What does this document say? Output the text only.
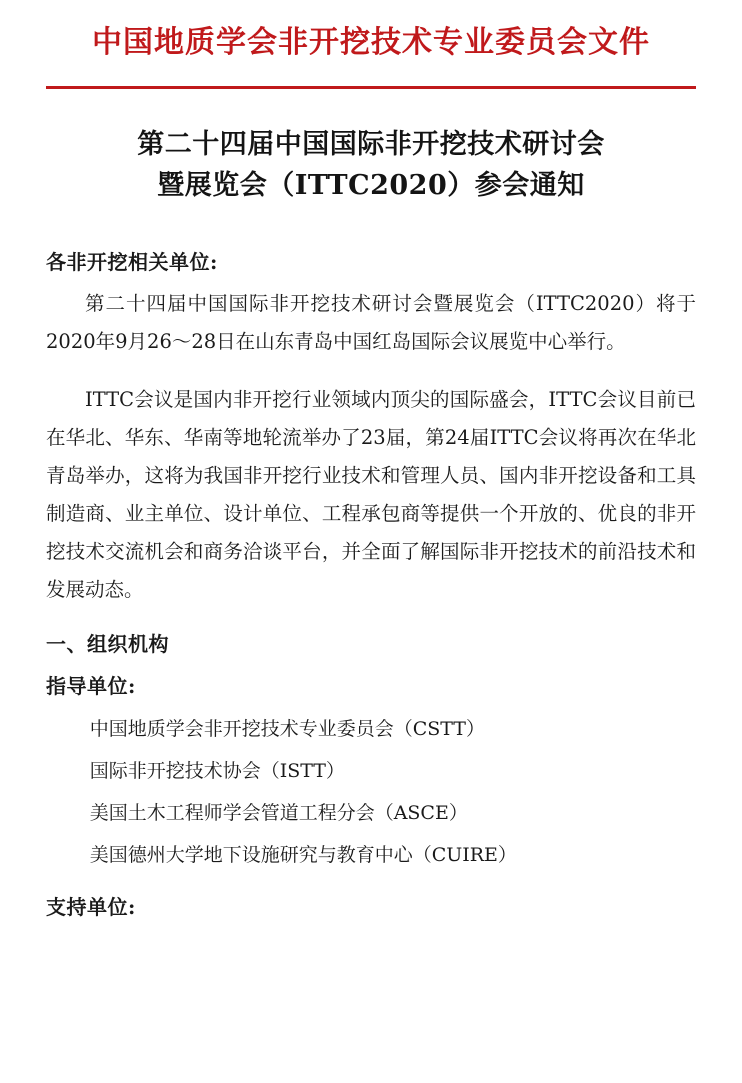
中国地质学会非开挖技术专业委员会文件
第二十四届中国国际非开挖技术研讨会
暨展览会（ITTC2020）参会通知
各非开挖相关单位:

第二十四届中国国际非开挖技术研讨会暨展览会（ITTC2020）将于2020年9月26～28日在山东青岛中国红岛国际会议展览中心举行。

ITTC会议是国内非开挖行业领域内顶尖的国际盛会，ITTC会议目前已在华北、华东、华南等地轮流举办了23届，第24届ITTC会议将再次在华北青岛举办，这将为我国非开挖行业技术和管理人员、国内非开挖设备和工具制造商、业主单位、设计单位、工程承包商等提供一个开放的、优良的非开挖技术交流机会和商务洽谈平台，并全面了解国际非开挖技术的前沿技术和发展动态。

一、组织机构
指导单位:
中国地质学会非开挖技术专业委员会（CSTT）
国际非开挖技术协会（ISTT）
美国土木工程师学会管道工程分会（ASCE）
美国德州大学地下设施研究与教育中心（CUIRE）
支持单位:
